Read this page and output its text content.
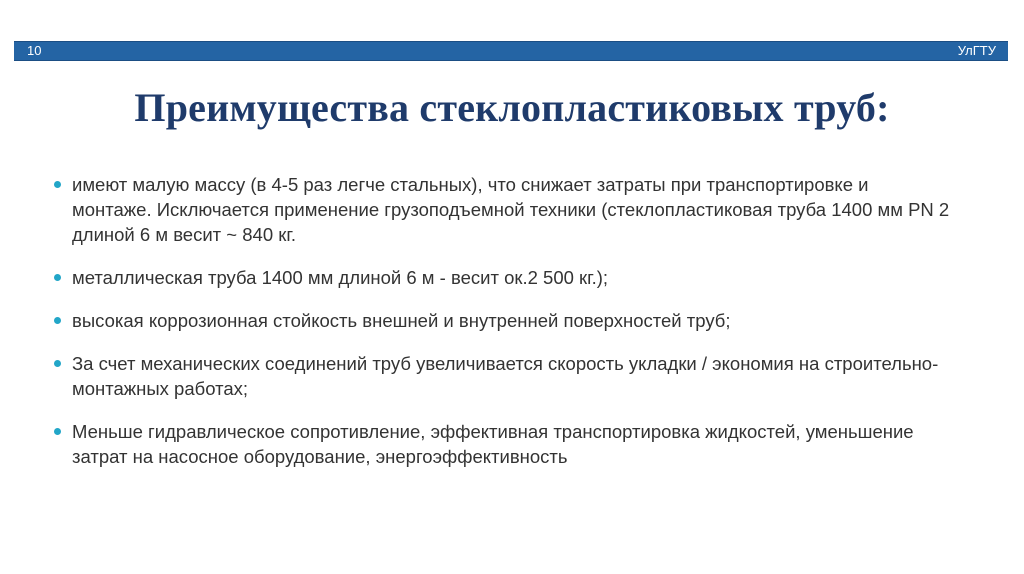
10	УлГТУ
Преимущества стеклопластиковых труб:
имеют малую массу (в 4-5 раз легче стальных), что снижает затраты при транспортировке и монтаже. Исключается применение грузоподъемной техники (стеклопластиковая труба 1400 мм PN 2 длиной 6 м весит ~ 840 кг.
металлическая труба 1400 мм длиной 6 м - весит ок.2 500 кг.);
высокая коррозионная стойкость внешней и внутренней поверхностей труб;
За счет механических соединений труб увеличивается скорость укладки / экономия на строительно-монтажных работах;
Меньше гидравлическое сопротивление, эффективная транспортировка жидкостей, уменьшение затрат на насосное оборудование, энергоэффективность
